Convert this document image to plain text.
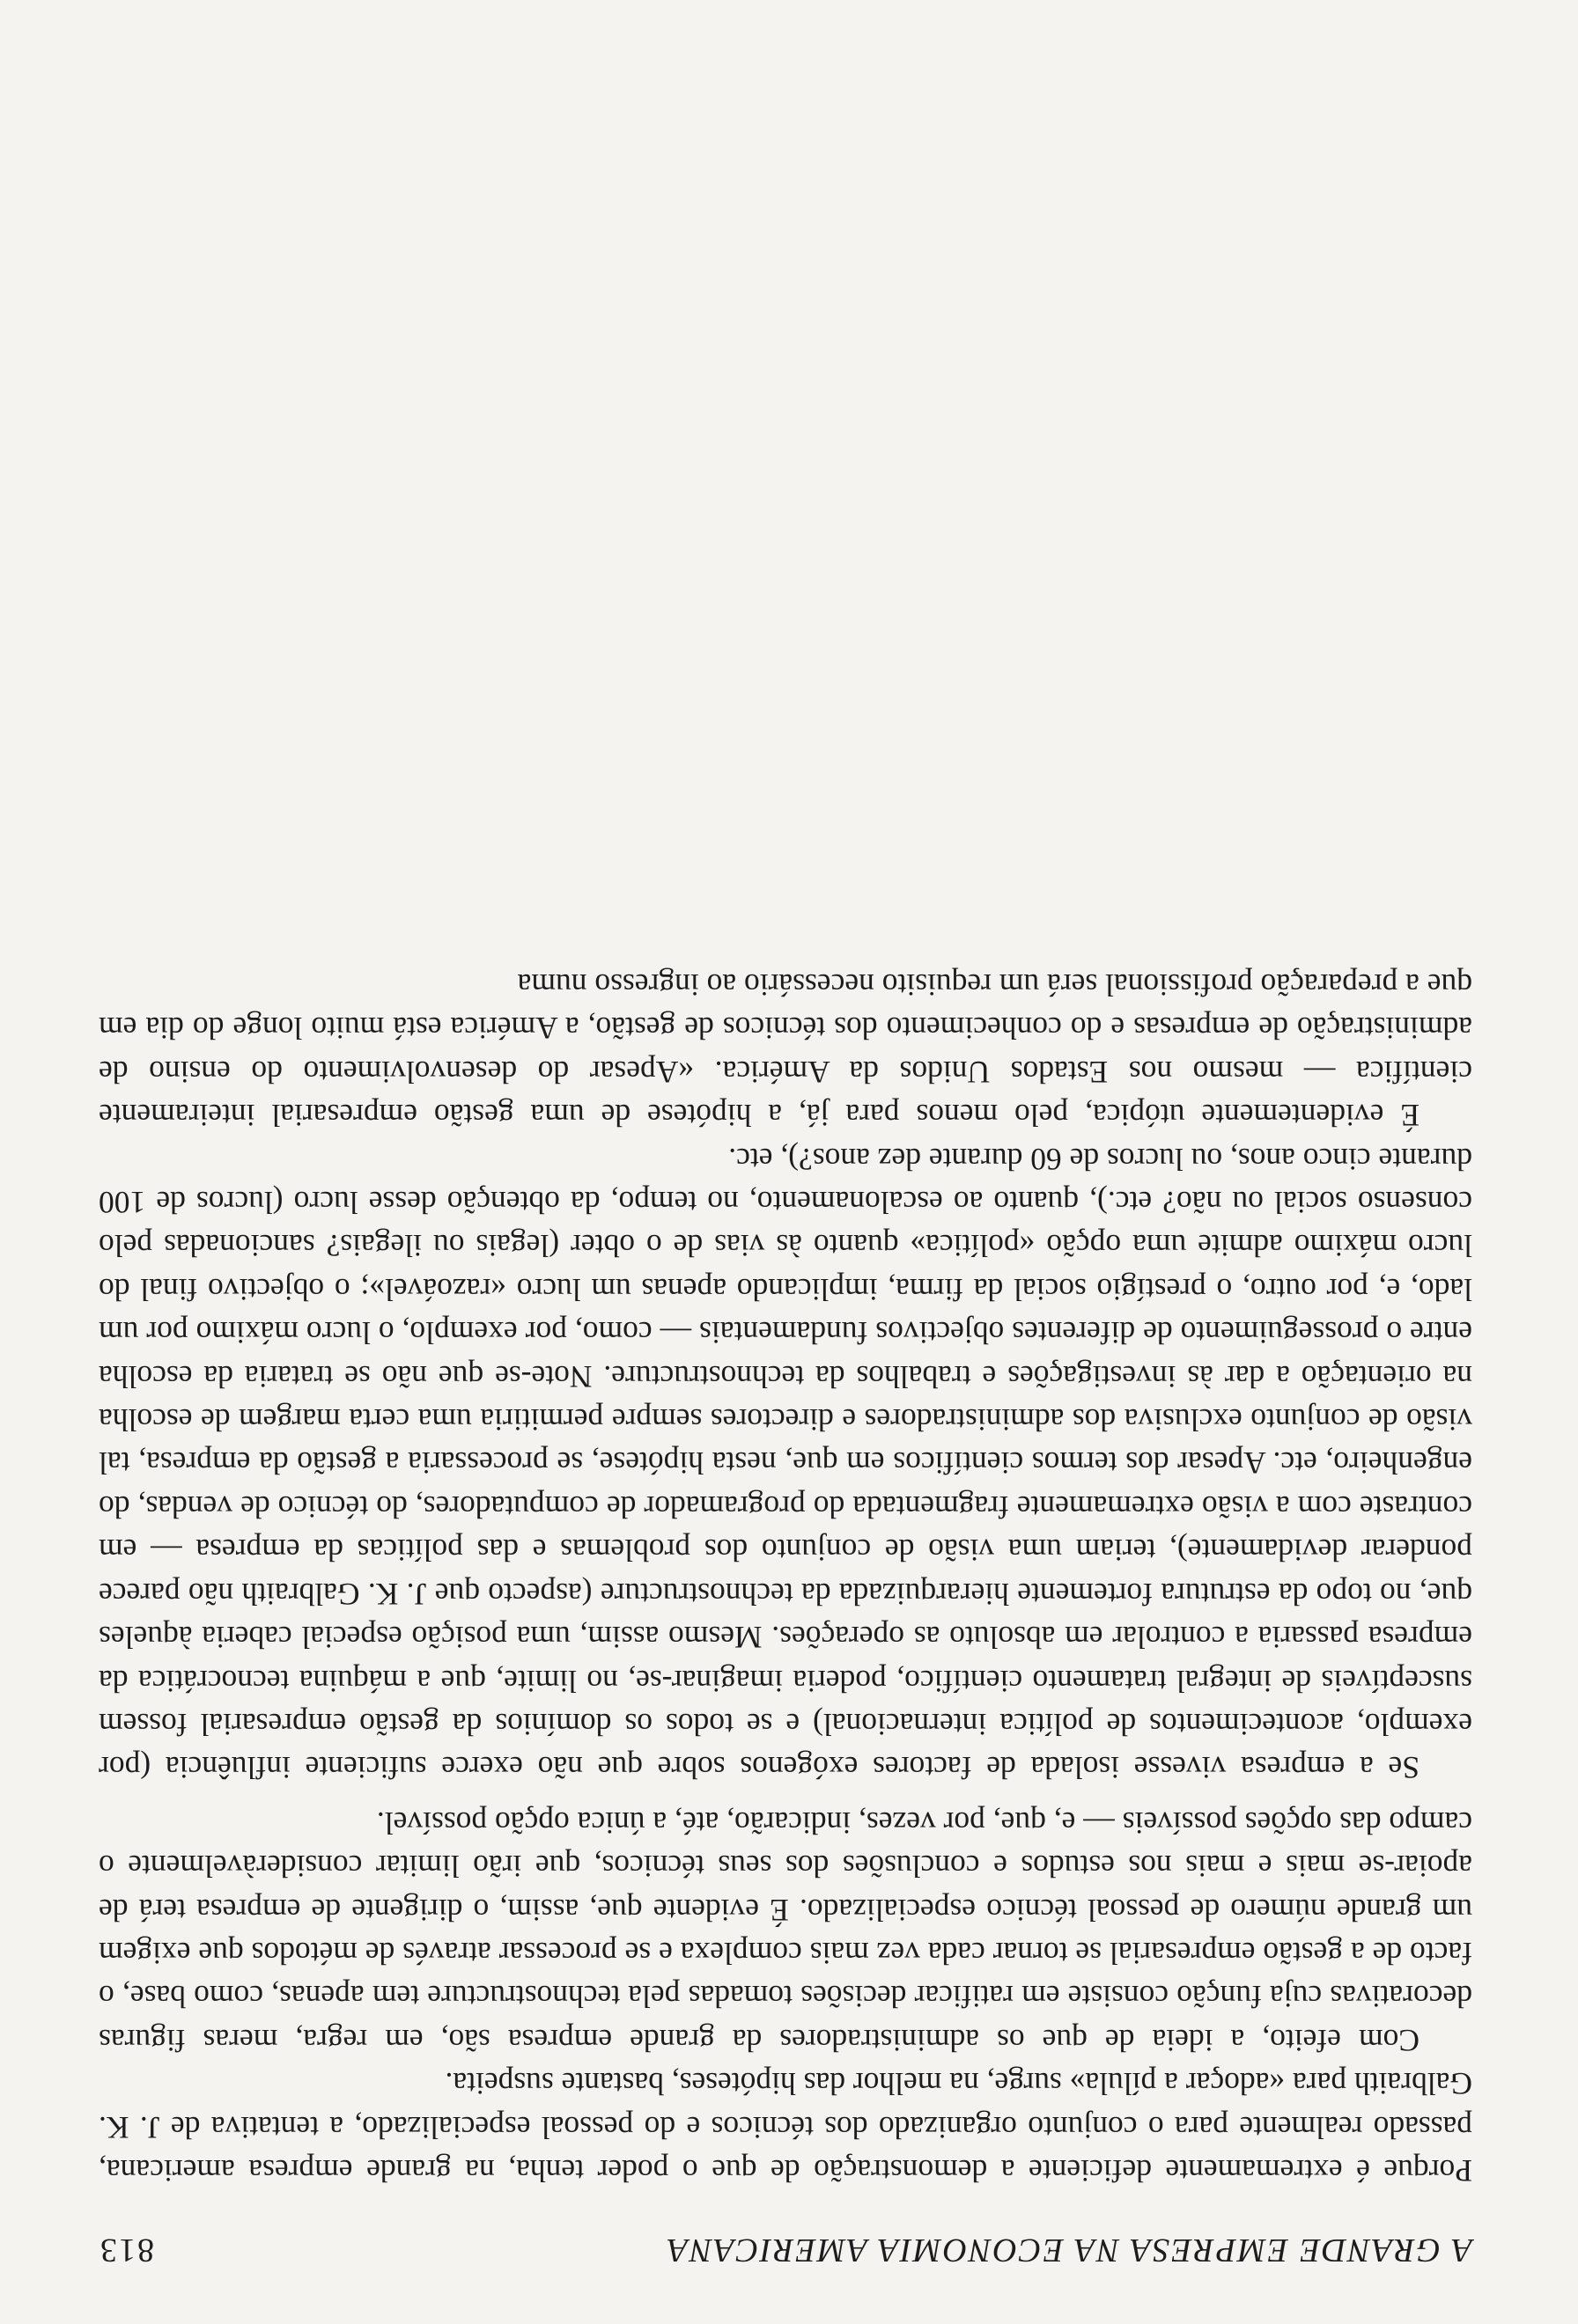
A GRANDE EMPRESA NA ECONOMIA AMERICANA
813

Porque é extremamente deficiente a demonstração de que o poder tenha, na grande empresa americana, passado realmente para o conjunto organizado dos técnicos e do pessoal especializado, a tentativa de J. K. Galbraith para «adoçar a pílula» surge, na melhor das hipóteses, bastante suspeita.

Com efeito, a ideia de que os administradores da grande empresa são, em regra, meras figuras decorativas cuja função consiste em ratificar decisões tomadas pela technostructure tem apenas, como base, o facto de a gestão empresarial se tornar cada vez mais complexa e se processar através de métodos que exigem um grande número de pessoal técnico especializado. É evidente que, assim, o dirigente de empresa terá de apoiar-se mais e mais nos estudos e conclusões dos seus técnicos, que irão limitar consideràvelmente o campo das opções possíveis — e, que, por vezes, indicarão, até, a única opção possível.

Se a empresa vivesse isolada de factores exógenos sobre que não exerce suficiente influência (por exemplo, acontecimentos de política internacional) e se todos os domínios da gestão empresarial fossem susceptíveis de integral tratamento científico, poderia imaginar-se, no limite, que a máquina tecnocrática da empresa passaria a controlar em absoluto as operações. Mesmo assim, uma posição especial caberia àqueles que, no topo da estrutura fortemente hierarquizada da technostructure (aspecto que J. K. Galbraith não parece ponderar devidamente), teriam uma visão de conjunto dos problemas e das políticas da empresa — em contraste com a visão extremamente fragmentada do programador de computadores, do técnico de vendas, do engenheiro, etc. Apesar dos termos científicos em que, nesta hipótese, se processaria a gestão da empresa, tal visão de conjunto exclusiva dos administradores e directores sempre permitiria uma certa margem de escolha na orientação a dar às investigações e trabalhos da technostructure. Note-se que não se trataria da escolha entre o prosseguimento de diferentes objectivos fundamentais — como, por exemplo, o lucro máximo por um lado, e, por outro, o prestígio social da firma, implicando apenas um lucro «razoável»; o objectivo final do lucro máximo admite uma opção «política» quanto às vias de o obter (legais ou ilegais? sancionadas pelo consenso social ou não? etc.), quanto ao escalonamento, no tempo, da obtenção desse lucro (lucros de 100 durante cinco anos, ou lucros de 60 durante dez anos?), etc.

É evidentemente utópica, pelo menos para já, a hipótese de uma gestão empresarial inteiramente científica — mesmo nos Estados Unidos da América. «Apesar do desenvolvimento do ensino de administração de empresas e do conhecimento dos técnicos de gestão, a América está muito longe do dia em que a preparação profissional será um requisito necessário ao ingresso numa
